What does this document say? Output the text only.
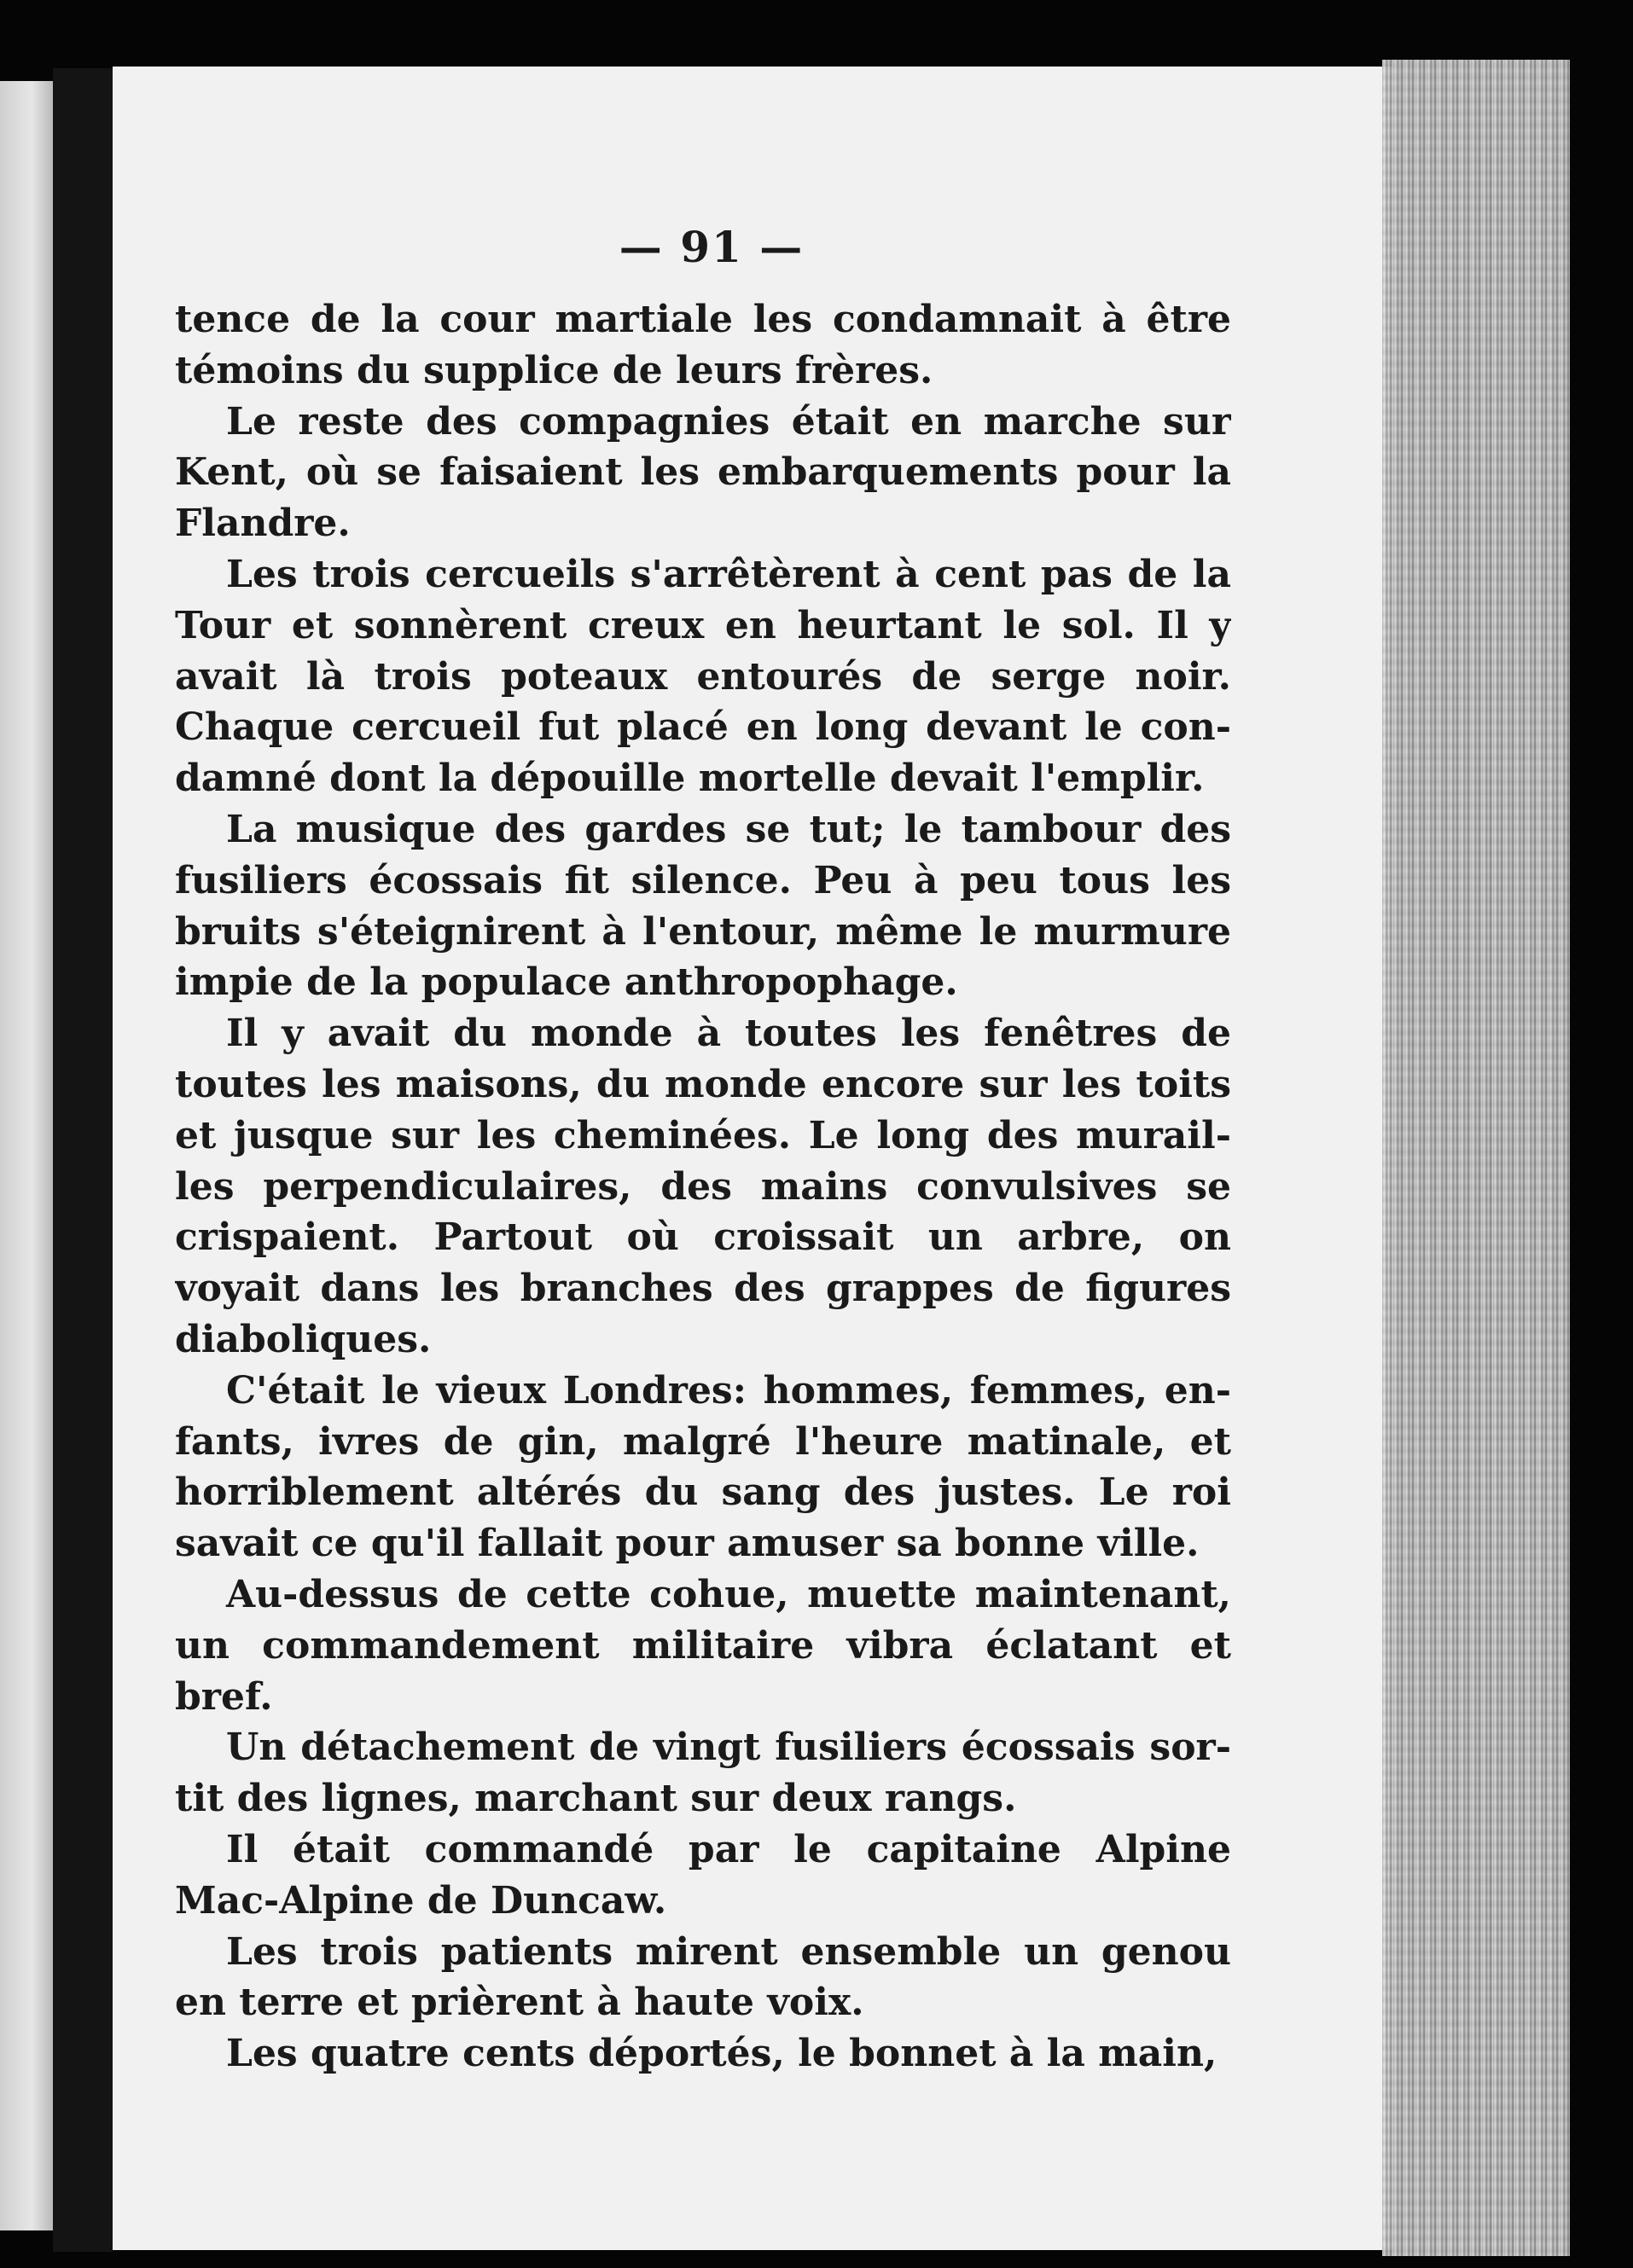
— 91 —

tence de la cour martiale les condamnait à être
témoins du supplice de leurs frères.

Le reste des compagnies était en marche sur
Kent, où se faisaient les embarquements pour la
Flandre.

Les trois cercueils s'arrêtèrent à cent pas de la
Tour et sonnèrent creux en heurtant le sol. Il y
avait là trois poteaux entourés de serge noir.
Chaque cercueil fut placé en long devant le con-
damné dont la dépouille mortelle devait l'emplir.

La musique des gardes se tut; le tambour des
fusiliers écossais fit silence. Peu à peu tous les
bruits s'éteignirent à l'entour, même le murmure
impie de la populace anthropophage.

Il y avait du monde à toutes les fenêtres de
toutes les maisons, du monde encore sur les toits
et jusque sur les cheminées. Le long des murail-
les perpendiculaires, des mains convulsives se
crispaient. Partout où croissait un arbre, on
voyait dans les branches des grappes de figures
diaboliques.

C'était le vieux Londres: hommes, femmes, en-
fants, ivres de gin, malgré l'heure matinale, et
horriblement altérés du sang des justes. Le roi
savait ce qu'il fallait pour amuser sa bonne ville.

Au-dessus de cette cohue, muette maintenant,
un commandement militaire vibra éclatant et
bref.

Un détachement de vingt fusiliers écossais sor-
tit des lignes, marchant sur deux rangs.

Il était commandé par le capitaine Alpine
Mac-Alpine de Duncaw.

Les trois patients mirent ensemble un genou
en terre et prièrent à haute voix.

Les quatre cents déportés, le bonnet à la main,
